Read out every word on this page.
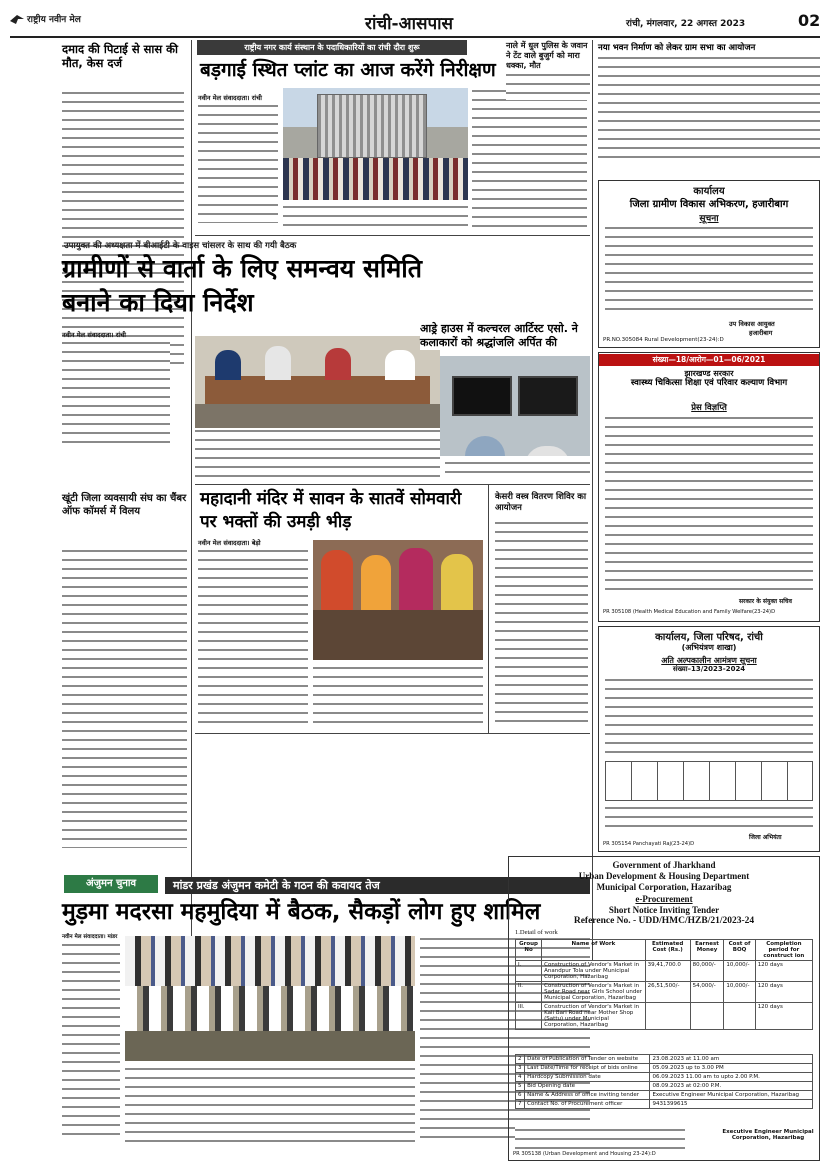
राष्ट्रीय नवीन मेल	रांची-आसपास	रांची, मंगलवार, 22 अगस्त 2023	02
दमाद की पिटाई से सास की मौत, केस दर्ज
राष्ट्रीय नगर कार्य संस्थान के पदाधिकारियों का रांची दौरा शुरू
बड़गाई स्थित प्लांट का आज करेंगे निरीक्षण
नवीन मेल संवाददाता। रांची
नाले में धुल पुलिस के जवान ने टेंट वाले बुजुर्ग को मारा धक्का, मौत
उपायुक्त की अध्यक्षता में बीआईटी के वाइस चांसलर के साथ की गयी बैठक
ग्रामीणों से वार्ता के लिए समन्वय समिति बनाने का दिया निर्देश
नवीन मेल संवाददाता। रांची	आड्रे हाउस में कल्चरल आर्टिस्ट एसो. ने कलाकारों को श्रद्धांजलि अर्पित की
खूंटी जिला व्यवसायी संघ का चैंबर ऑफ कॉमर्स में विलय
महादानी मंदिर में सावन के सातवें सोमवारी पर भक्तों की उमड़ी भीड़
नवीन मेल संवाददाता। बेड़ो
केसरी वस्त्र वितरण शिविर का आयोजन
अंजुमन चुनाव	मांडर प्रखंड अंजुमन कमेटी के गठन की कवायद तेज
मुड़मा मदरसा महमुदिया में बैठक, सैकड़ों लोग हुए शामिल
नवीन मेल संवाददाता। मांडर
नया भवन निर्माण को लेकर ग्राम सभा का आयोजन
कार्यालय
जिला ग्रामीण विकास अभिकरण, हजारीबाग
सूचना
उप विकास आयुक्त
हजारीबाग
PR.NO.305084 Rural Development(23-24):D
संख्या—18/आरोग—01—06/2021
झारखण्ड सरकार
स्वास्थ्य चिकित्सा शिक्षा एवं परिवार कल्याण विभाग
प्रेस विज्ञप्ति
सरकार के संयुक्त सचिव
PR 305108 (Health Medical Education and Family Welfare(23-24)D
कार्यालय, जिला परिषद, रांची
(अभियंत्रण शाखा)
अति अल्पकालीन आमंत्रण सूचना
संख्या–13/2023-2024
जिला अभियंता
PR 305154 Panchayati Raj(23-24)D
Government of Jharkhand
Urban Development & Housing Department
Municipal Corporation, Hazaribag
e-Procurement
Short Notice Inviting Tender
Reference No. - UDD/HMC/HZB/21/2023-24
1.Detail of work
Group No	Name of Work	Estimated Cost (Rs.)	Earnest Money	Cost of BOQ	Completion period for construct ion
I.	Construction of Vendor's Market in Anandpur Tola under Municipal Corporation, Hazaribag	39,41,700.0	80,000/-	10,000/-	120 days
II.	Construction of Vendor's Market in Sadar Road near Girls School under Municipal Corporation, Hazaribag	26,51,500/-	54,000/-	10,000/-	120 days
III.	Construction of Vendor's Market in Kali Bari Road near Mother Shop (Sattu) under Municipal Corporation, Hazaribag				120 days
2	Date of Publication of Tender on website	23.08.2023 at 11.00 am
3	Last Date/Time for receipt of bids online	05.09.2023 up to 3.00 PM
4	Hardcopy Submission date	06.09.2023 11.00 am to upto 2.00 P.M.
5	Bid Opening date	08.09.2023 at 02:00 P.M.
6	Name & Address of office inviting tender	Executive Engineer Municipal Corporation, Hazaribag
7	Contact No. of Procurement officer	9431399615
Executive Engineer Municipal Corporation, Hazaribag
PR 305138 (Urban Development and Housing 23-24):D
